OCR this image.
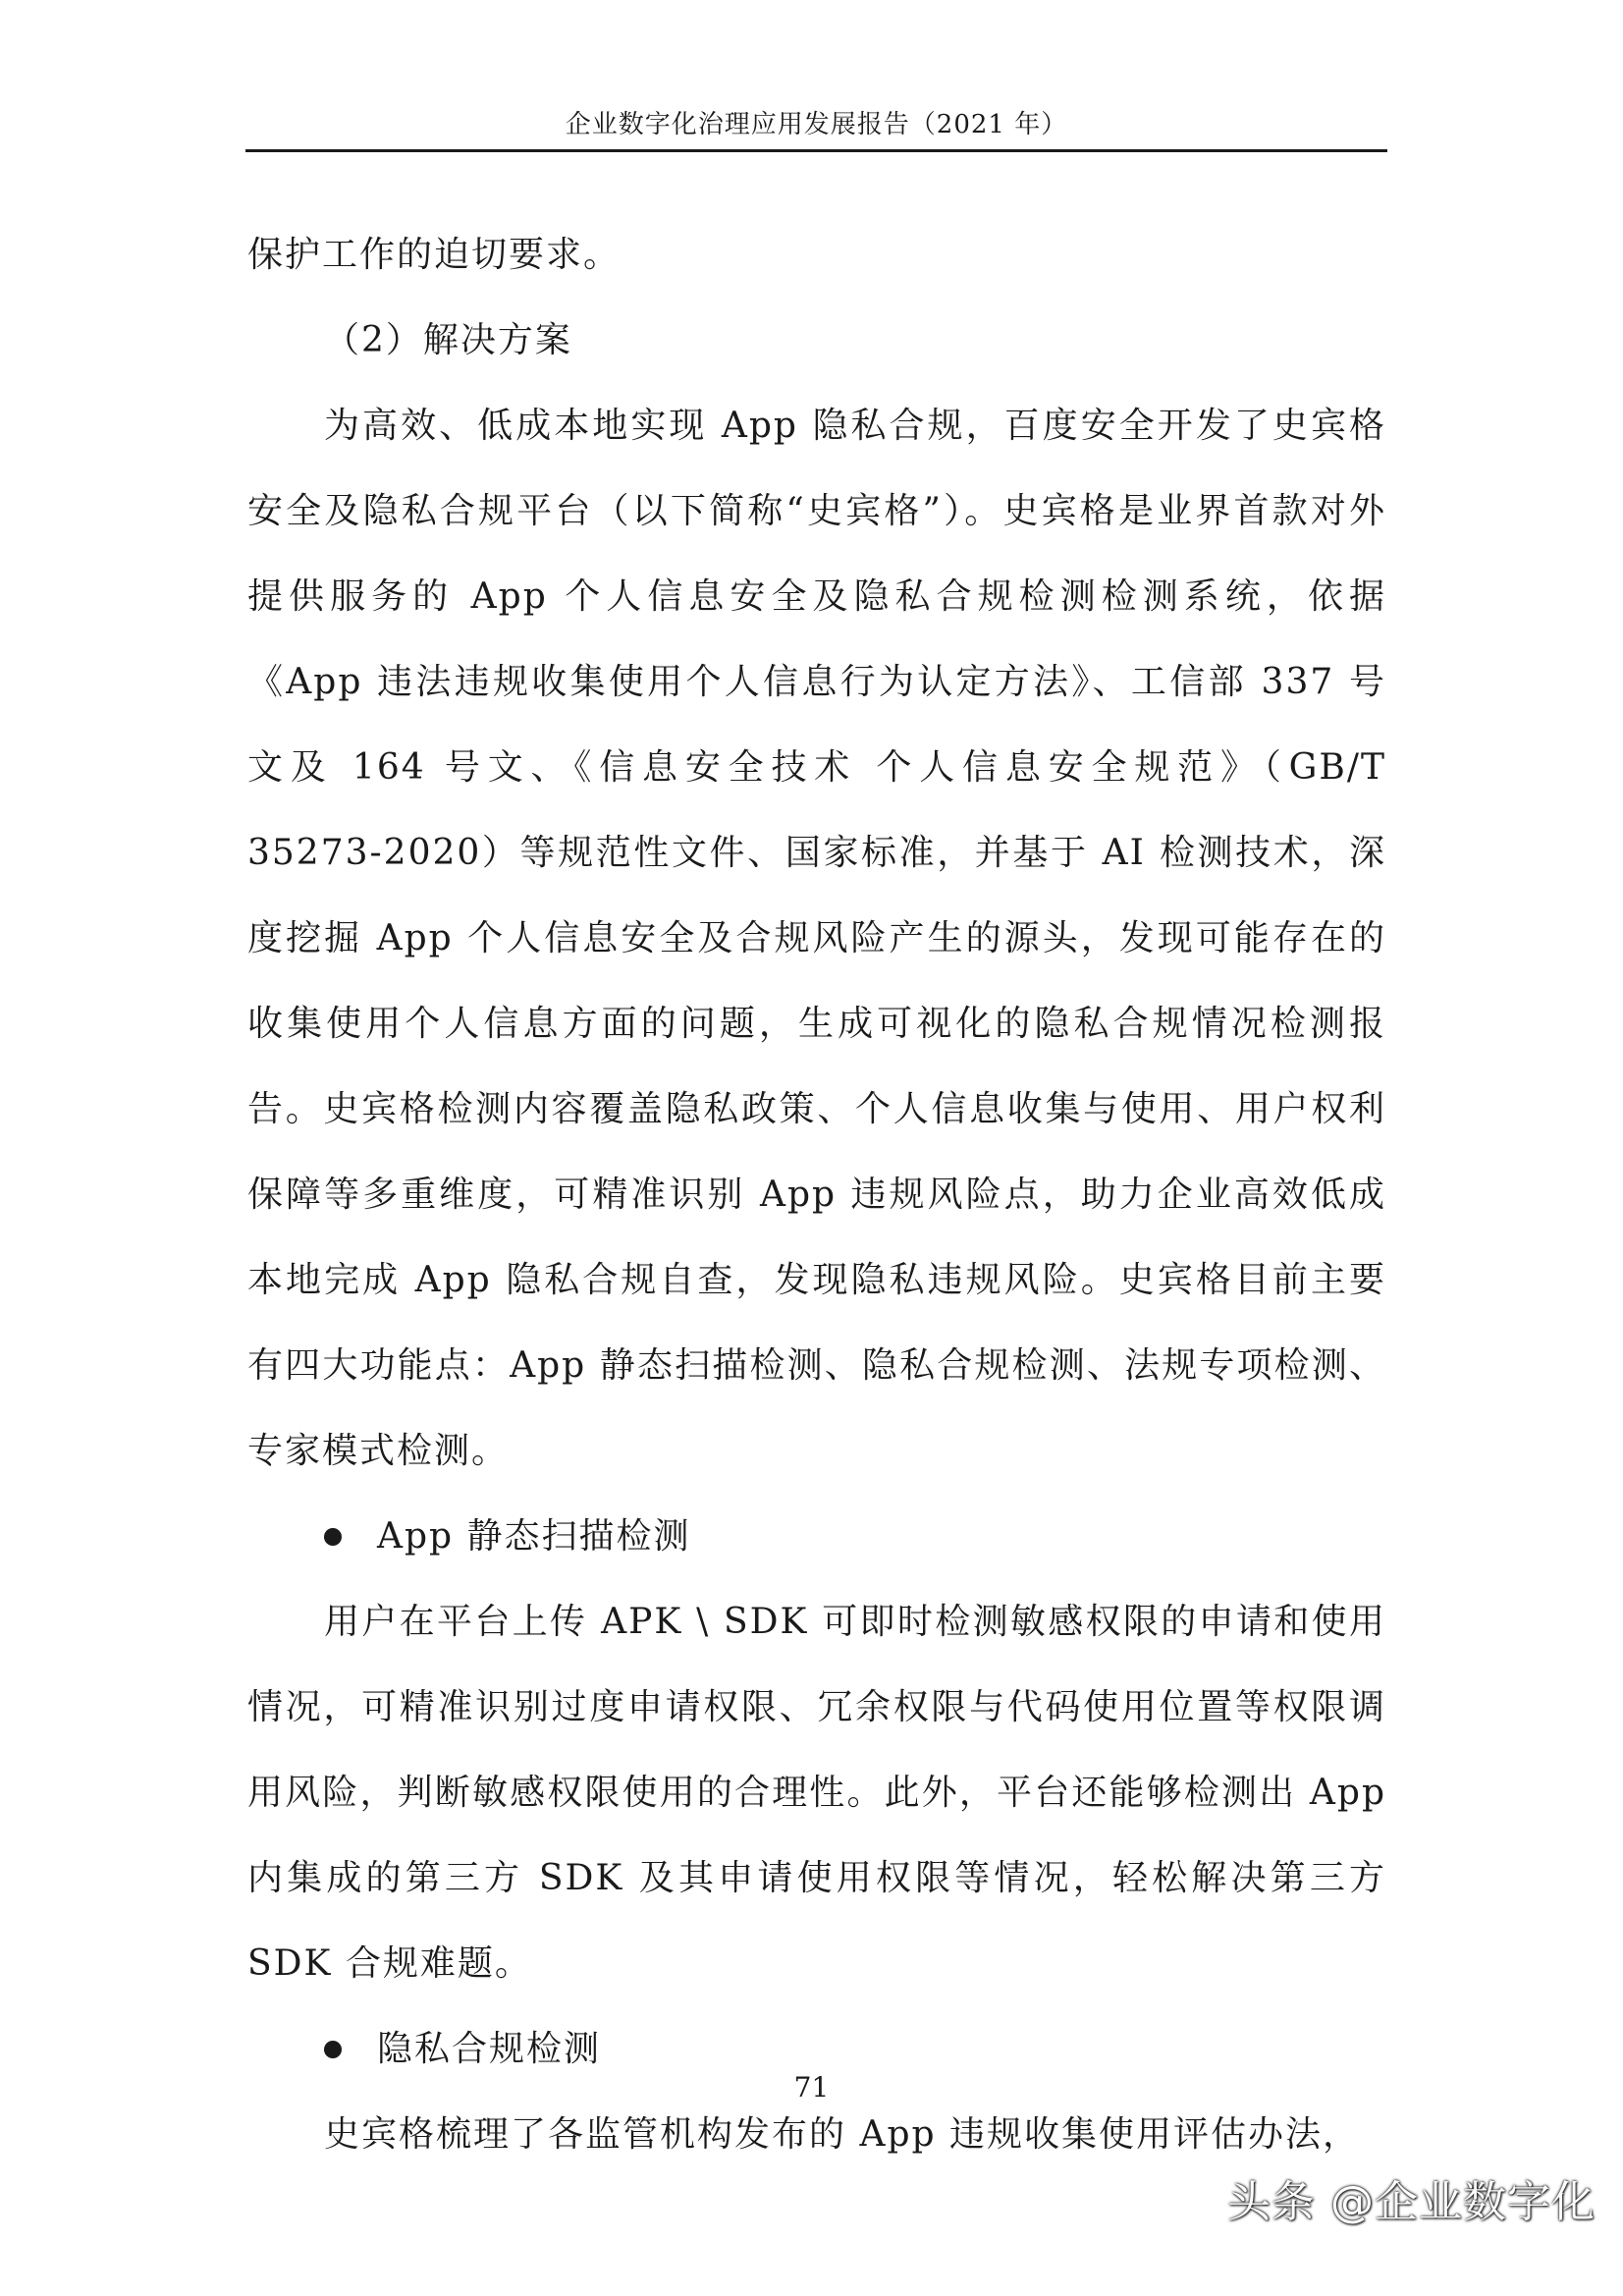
企业数字化治理应用发展报告（2021 年）

保护工作的迫切要求。

（2）解决方案

为高效、低成本地实现 App 隐私合规，百度安全开发了史宾格安全及隐私合规平台（以下简称“史宾格”）。史宾格是业界首款对外提供服务的 App 个人信息安全及隐私合规检测检测系统，依据《App 违法违规收集使用个人信息行为认定方法》、工信部 337 号文及 164 号文、《信息安全技术 个人信息安全规范》（GB/T 35273-2020）等规范性文件、国家标准，并基于 AI 检测技术，深度挖掘 App 个人信息安全及合规风险产生的源头，发现可能存在的收集使用个人信息方面的问题，生成可视化的隐私合规情况检测报告。史宾格检测内容覆盖隐私政策、个人信息收集与使用、用户权利保障等多重维度，可精准识别 App 违规风险点，助力企业高效低成本地完成 App 隐私合规自查，发现隐私违规风险。史宾格目前主要有四大功能点：App 静态扫描检测、隐私合规检测、法规专项检测、专家模式检测。

App 静态扫描检测

用户在平台上传 APK \ SDK 可即时检测敏感权限的申请和使用情况，可精准识别过度申请权限、冗余权限与代码使用位置等权限调用风险，判断敏感权限使用的合理性。此外，平台还能够检测出 App 内集成的第三方 SDK 及其申请使用权限等情况，轻松解决第三方 SDK 合规难题。

隐私合规检测

史宾格梳理了各监管机构发布的 App 违规收集使用评估办法，

71
头条 @企业数字化
